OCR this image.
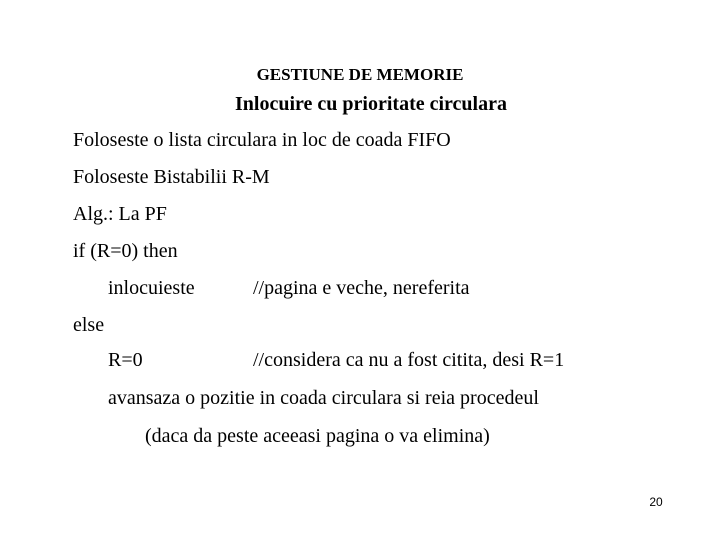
GESTIUNE DE MEMORIE
Inlocuire cu prioritate circulara
Foloseste o lista circulara in loc de coada FIFO
Foloseste Bistabilii R-M
Alg.: La PF
if (R=0) then
inlocuieste	//pagina e veche, nereferita
else
R=0	//considera ca nu a fost citita, desi R=1
avansaza o pozitie in coada circulara si reia procedeul
(daca da peste aceeasi pagina o va elimina)
20
